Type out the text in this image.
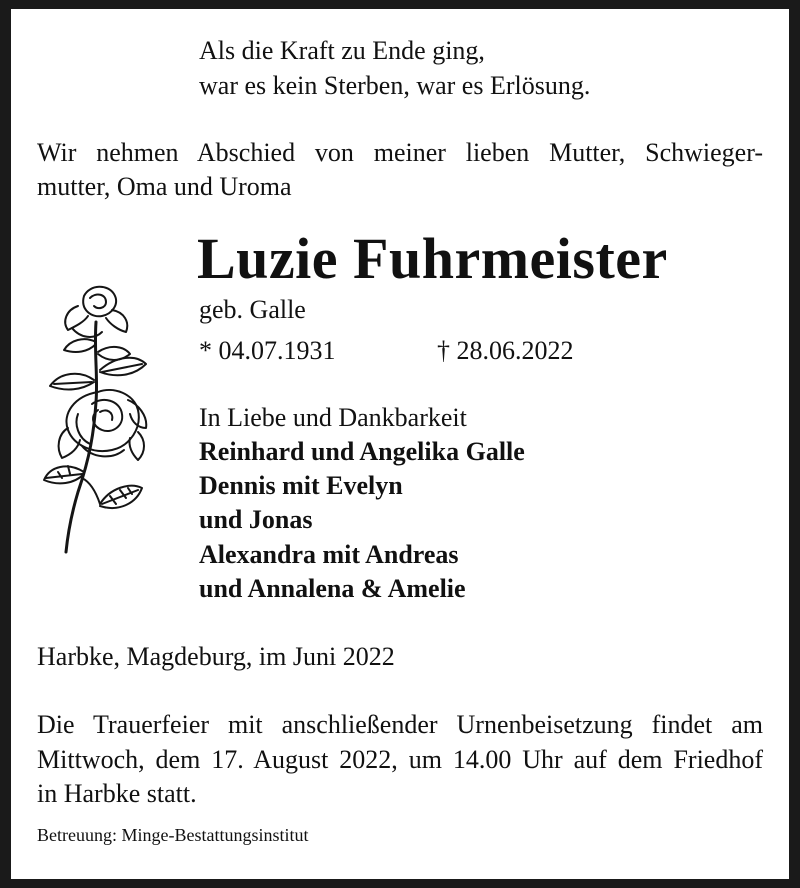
Als die Kraft zu Ende ging,
war es kein Sterben, war es Erlösung.
Wir nehmen Abschied von meiner lieben Mutter, Schwieger-
mutter, Oma und Uroma
Luzie Fuhrmeister
geb. Galle
* 04.07.1931	† 28.06.2022
In Liebe und Dankbarkeit
Reinhard und Angelika Galle
Dennis mit Evelyn
und Jonas
Alexandra mit Andreas
und Annalena & Amelie
Harbke, Magdeburg, im Juni 2022
Die Trauerfeier mit anschließender Urnenbeisetzung findet am
Mittwoch, dem 17. August 2022, um 14.00 Uhr auf dem Friedhof
in Harbke statt.
Betreuung: Minge-Bestattungsinstitut
